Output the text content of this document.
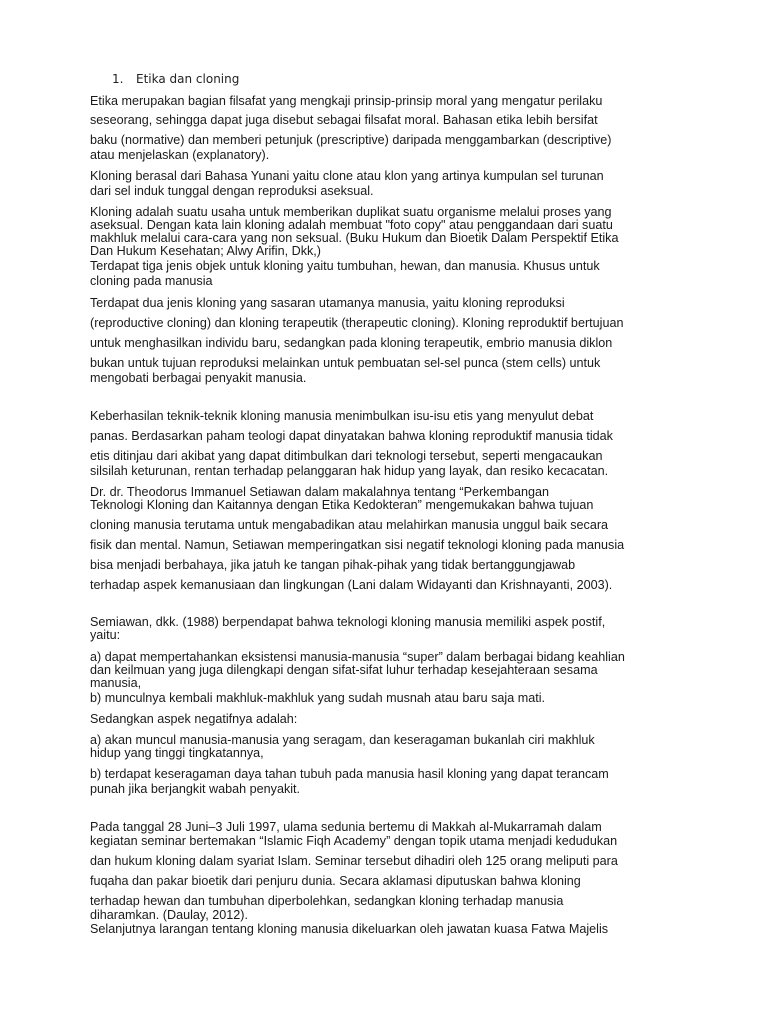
1. Etika dan cloning

Etika merupakan bagian filsafat yang mengkaji prinsip-prinsip moral yang mengatur perilaku

seseorang, sehingga dapat juga disebut sebagai filsafat moral. Bahasan etika lebih bersifat

baku (normative) dan memberi petunjuk (prescriptive) daripada menggambarkan (descriptive)

atau menjelaskan (explanatory).

Kloning berasal dari Bahasa Yunani yaitu clone atau klon yang artinya kumpulan sel turunan

dari sel induk tunggal dengan reproduksi aseksual.

Kloning adalah suatu usaha untuk memberikan duplikat suatu organisme melalui proses yang

aseksual. Dengan kata lain kloning adalah membuat "foto copy" atau penggandaan dari suatu

makhluk melalui cara-cara yang non seksual. (Buku Hukum dan Bioetik Dalam Perspektif Etika

Dan Hukum Kesehatan; Alwy Arifin, Dkk,)

Terdapat tiga jenis objek untuk kloning yaitu tumbuhan, hewan, dan manusia. Khusus untuk

cloning pada manusia

Terdapat dua jenis kloning yang sasaran utamanya manusia, yaitu kloning reproduksi

(reproductive cloning) dan kloning terapeutik (therapeutic cloning). Kloning reproduktif bertujuan

untuk menghasilkan individu baru, sedangkan pada kloning terapeutik, embrio manusia diklon

bukan untuk tujuan reproduksi melainkan untuk pembuatan sel-sel punca (stem cells) untuk

mengobati berbagai penyakit manusia.

Keberhasilan teknik-teknik kloning manusia menimbulkan isu-isu etis yang menyulut debat

panas. Berdasarkan paham teologi dapat dinyatakan bahwa kloning reproduktif manusia tidak

etis ditinjau dari akibat yang dapat ditimbulkan dari teknologi tersebut, seperti mengacaukan

silsilah keturunan, rentan terhadap pelanggaran hak hidup yang layak, dan resiko kecacatan.

Dr. dr. Theodorus Immanuel Setiawan dalam makalahnya tentang “Perkembangan

Teknologi Kloning dan Kaitannya dengan Etika Kedokteran” mengemukakan bahwa tujuan

cloning manusia terutama untuk mengabadikan atau melahirkan manusia unggul baik secara

fisik dan mental. Namun, Setiawan memperingatkan sisi negatif teknologi kloning pada manusia

bisa menjadi berbahaya, jika jatuh ke tangan pihak-pihak yang tidak bertanggungjawab

terhadap aspek kemanusiaan dan lingkungan (Lani dalam Widayanti dan Krishnayanti, 2003).

Semiawan, dkk. (1988) berpendapat bahwa teknologi kloning manusia memiliki aspek postif,

yaitu:

a) dapat mempertahankan eksistensi manusia-manusia “super” dalam berbagai bidang keahlian

dan keilmuan yang juga dilengkapi dengan sifat-sifat luhur terhadap kesejahteraan sesama

manusia,

b) munculnya kembali makhluk-makhluk yang sudah musnah atau baru saja mati.

Sedangkan aspek negatifnya adalah:

a) akan muncul manusia-manusia yang seragam, dan keseragaman bukanlah ciri makhluk

hidup yang tinggi tingkatannya,

b) terdapat keseragaman daya tahan tubuh pada manusia hasil kloning yang dapat terancam

punah jika berjangkit wabah penyakit.

Pada tanggal 28 Juni–3 Juli 1997, ulama sedunia bertemu di Makkah al-Mukarramah dalam

kegiatan seminar bertemakan “Islamic Fiqh Academy” dengan topik utama menjadi kedudukan

dan hukum kloning dalam syariat Islam. Seminar tersebut dihadiri oleh 125 orang meliputi para

fuqaha dan pakar bioetik dari penjuru dunia. Secara aklamasi diputuskan bahwa kloning

terhadap hewan dan tumbuhan diperbolehkan, sedangkan kloning terhadap manusia

diharamkan. (Daulay, 2012).

Selanjutnya larangan tentang kloning manusia dikeluarkan oleh jawatan kuasa Fatwa Majelis
